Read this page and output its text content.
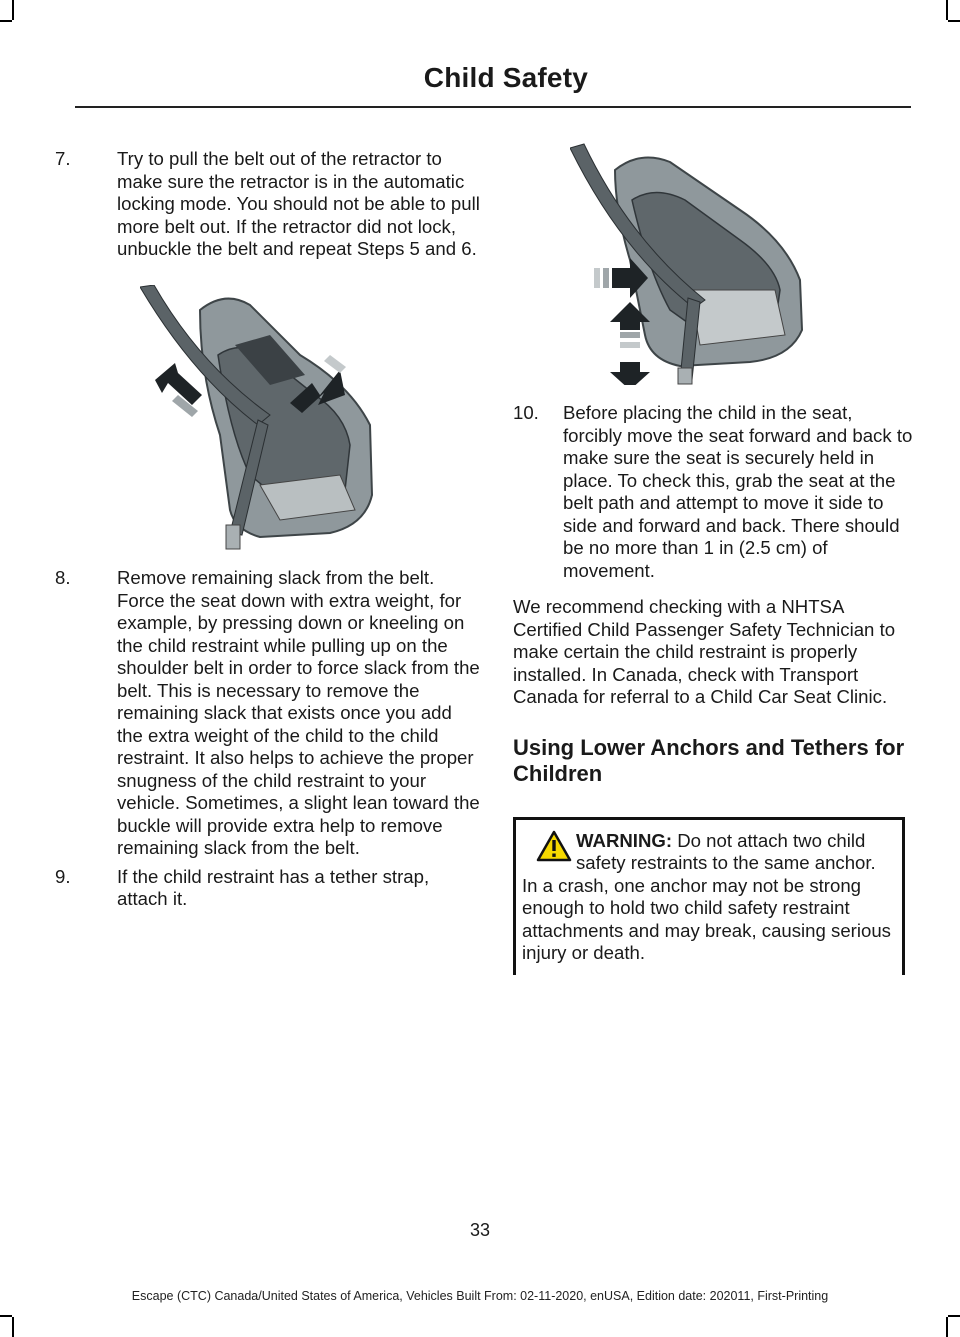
Child Safety
7.	Try to pull the belt out of the retractor to make sure the retractor is in the automatic locking mode. You should not be able to pull more belt out. If the retractor did not lock, unbuckle the belt and repeat Steps 5 and 6.
8.	Remove remaining slack from the belt. Force the seat down with extra weight, for example, by pressing down or kneeling on the child restraint while pulling up on the shoulder belt in order to force slack from the belt. This is necessary to remove the remaining slack that exists once you add the extra weight of the child to the child restraint. It also helps to achieve the proper snugness of the child restraint to your vehicle. Sometimes, a slight lean toward the buckle will provide extra help to remove remaining slack from the belt.
9.	If the child restraint has a tether strap, attach it.
10.	Before placing the child in the seat, forcibly move the seat forward and back to make sure the seat is securely held in place. To check this, grab the seat at the belt path and attempt to move it side to side and forward and back. There should be no more than 1 in (2.5 cm) of movement.

We recommend checking with a NHTSA Certified Child Passenger Safety Technician to make certain the child restraint is properly installed. In Canada, check with Transport Canada for referral to a Child Car Seat Clinic.

Using Lower Anchors and Tethers for Children
WARNING: Do not attach two child safety restraints to the same anchor. In a crash, one anchor may not be strong enough to hold two child safety restraint attachments and may break, causing serious injury or death.
33
Escape (CTC) Canada/United States of America, Vehicles Built From: 02-11-2020, enUSA, Edition date: 202011, First-Printing
